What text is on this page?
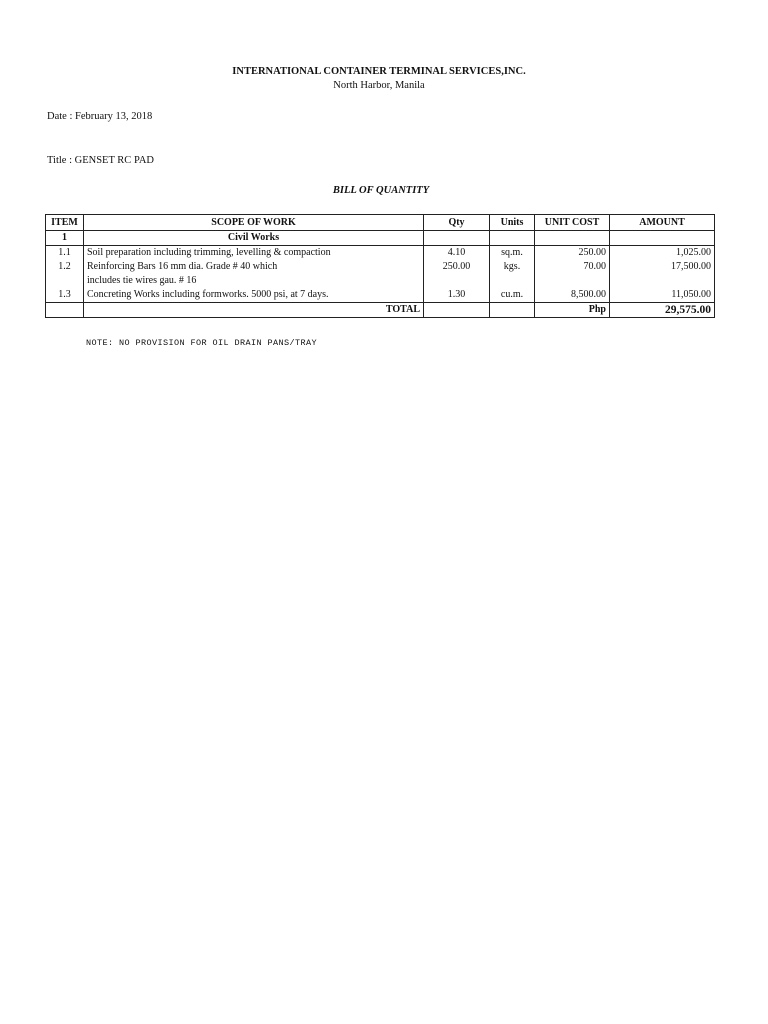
INTERNATIONAL CONTAINER TERMINAL SERVICES,INC.
North Harbor, Manila
Date : February 13, 2018
Title : GENSET RC PAD
BILL OF QUANTITY
ITEM	SCOPE OF WORK	Qty	Units	UNIT COST	AMOUNT
1	Civil Works				
1.1	Soil preparation including trimming, levelling & compaction	4.10	sq.m.	250.00	1,025.00
1.2	Reinforcing Bars 16 mm dia. Grade # 40 which	250.00	kgs.	70.00	17,500.00
	includes tie wires gau. # 16				
1.3	Concreting Works including formworks. 5000 psi, at 7 days.	1.30	cu.m.	8,500.00	11,050.00
	TOTAL			Php	29,575.00
NOTE: NO PROVISION FOR OIL DRAIN PANS/TRAY
